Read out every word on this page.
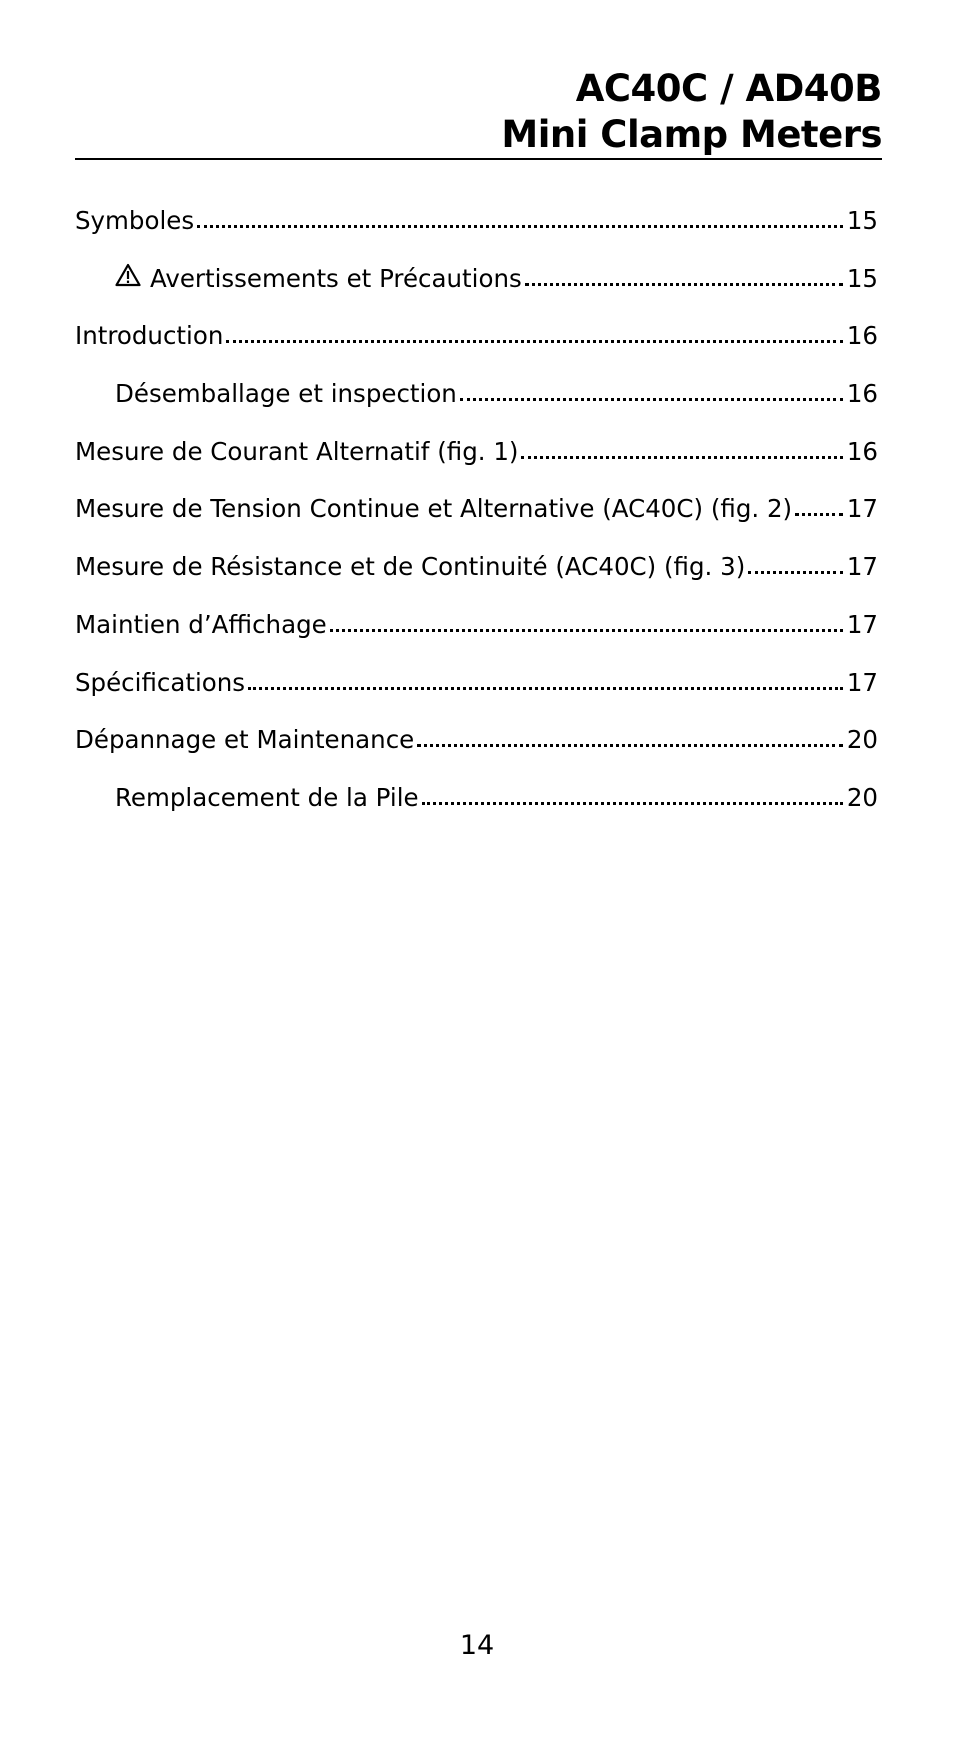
AC40C / AD40B
Mini Clamp Meters
Symboles	15
Avertissements et Précautions	15
Introduction	16
Désemballage et inspection	16
Mesure de Courant Alternatif (fig. 1)	16
Mesure de Tension Continue et Alternative (AC40C) (fig. 2) 17
Mesure de Résistance et de Continuité (AC40C) (fig. 3)	17
Maintien d’Affichage	17
Spécifications	17
Dépannage et Maintenance	20
Remplacement de la Pile	20
14
